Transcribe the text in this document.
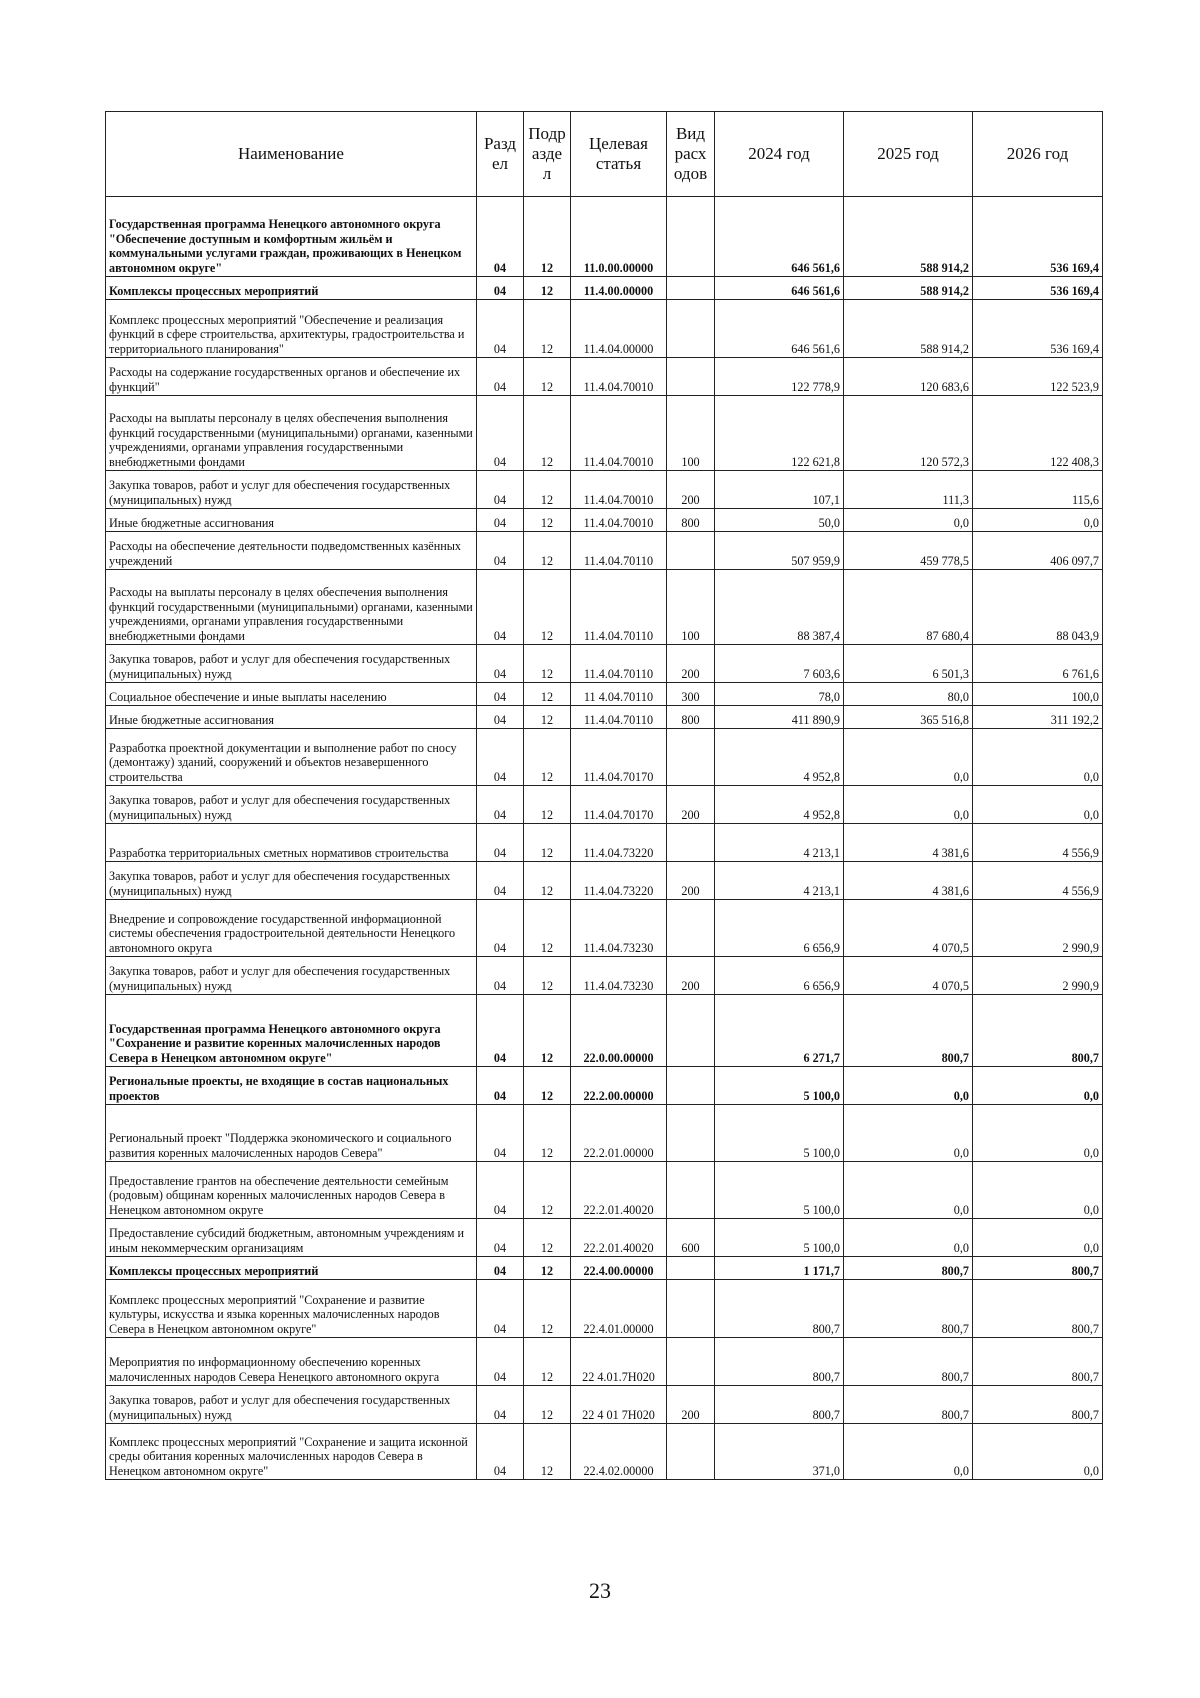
Наименование	Разд ел	Подр азде л	Целевая статья	Вид расх одов	2024 год	2025 год	2026 год
Государственная программа Ненецкого автономного округа "Обеспечение доступным и комфортным жильём и коммунальными услугами граждан, проживающих в Ненецком автономном округе"	04	12	11.0.00.00000		646 561,6	588 914,2	536 169,4
Комплексы процессных мероприятий	04	12	11.4.00.00000		646 561,6	588 914,2	536 169,4
Комплекс процессных мероприятий "Обеспечение и реализация функций в сфере строительства, архитектуры, градостроительства и территориального планирования"	04	12	11.4.04.00000		646 561,6	588 914,2	536 169,4
Расходы на содержание государственных органов и обеспечение их функций"	04	12	11.4.04.70010		122 778,9	120 683,6	122 523,9
Расходы на выплаты персоналу в целях обеспечения выполнения функций государственными (муниципальными) органами, казенными учреждениями, органами управления государственными внебюджетными фондами	04	12	11.4.04.70010	100	122 621,8	120 572,3	122 408,3
Закупка товаров, работ и услуг для обеспечения государственных (муниципальных) нужд	04	12	11.4.04.70010	200	107,1	111,3	115,6
Иные бюджетные ассигнования	04	12	11.4.04.70010	800	50,0	0,0	0,0
Расходы на обеспечение деятельности подведомственных казённых учреждений	04	12	11.4.04.70110		507 959,9	459 778,5	406 097,7
Расходы на выплаты персоналу в целях обеспечения выполнения функций государственными (муниципальными) органами, казенными учреждениями, органами управления государственными внебюджетными фондами	04	12	11.4.04.70110	100	88 387,4	87 680,4	88 043,9
Закупка товаров, работ и услуг для обеспечения государственных (муниципальных) нужд	04	12	11.4.04.70110	200	7 603,6	6 501,3	6 761,6
Социальное обеспечение и иные выплаты населению	04	12	11 4.04.70110	300	78,0	80,0	100,0
Иные бюджетные ассигнования	04	12	11.4.04.70110	800	411 890,9	365 516,8	311 192,2
Разработка проектной документации и выполнение работ по сносу (демонтажу) зданий, сооружений и объектов незавершенного строительства	04	12	11.4.04.70170		4 952,8	0,0	0,0
Закупка товаров, работ и услуг для обеспечения государственных (муниципальных) нужд	04	12	11.4.04.70170	200	4 952,8	0,0	0,0
Разработка территориальных сметных нормативов строительства	04	12	11.4.04.73220		4 213,1	4 381,6	4 556,9
Закупка товаров, работ и услуг для обеспечения государственных (муниципальных) нужд	04	12	11.4.04.73220	200	4 213,1	4 381,6	4 556,9
Внедрение и сопровождение государственной информационной системы обеспечения градостроительной деятельности Ненецкого автономного округа	04	12	11.4.04.73230		6 656,9	4 070,5	2 990,9
Закупка товаров, работ и услуг для обеспечения государственных (муниципальных) нужд	04	12	11.4.04.73230	200	6 656,9	4 070,5	2 990,9
Государственная программа Ненецкого автономного округа "Сохранение и развитие коренных малочисленных народов Севера в Ненецком автономном округе"	04	12	22.0.00.00000		6 271,7	800,7	800,7
Региональные проекты, не входящие в состав национальных проектов	04	12	22.2.00.00000		5 100,0	0,0	0,0
Региональный проект "Поддержка экономического и социального развития коренных малочисленных народов Севера"	04	12	22.2.01.00000		5 100,0	0,0	0,0
Предоставление грантов на обеспечение деятельности семейным (родовым) общинам коренных малочисленных народов Севера в Ненецком автономном округе	04	12	22.2.01.40020		5 100,0	0,0	0,0
Предоставление субсидий бюджетным, автономным учреждениям и иным некоммерческим организациям	04	12	22.2.01.40020	600	5 100,0	0,0	0,0
Комплексы процессных мероприятий	04	12	22.4.00.00000		1 171,7	800,7	800,7
Комплекс процессных мероприятий "Сохранение и развитие культуры, искусства и языка коренных малочисленных народов Севера в Ненецком автономном округе"	04	12	22.4.01.00000		800,7	800,7	800,7
Мероприятия по информационному обеспечению коренных малочисленных народов Севера Ненецкого автономного округа	04	12	22 4.01.7Н020		800,7	800,7	800,7
Закупка товаров, работ и услуг для обеспечения государственных (муниципальных) нужд	04	12	22 4 01 7Н020	200	800,7	800,7	800,7
Комплекс процессных мероприятий "Сохранение и защита исконной среды обитания коренных малочисленных народов Севера в Ненецком автономном округе"	04	12	22.4.02.00000		371,0	0,0	0,0
23
